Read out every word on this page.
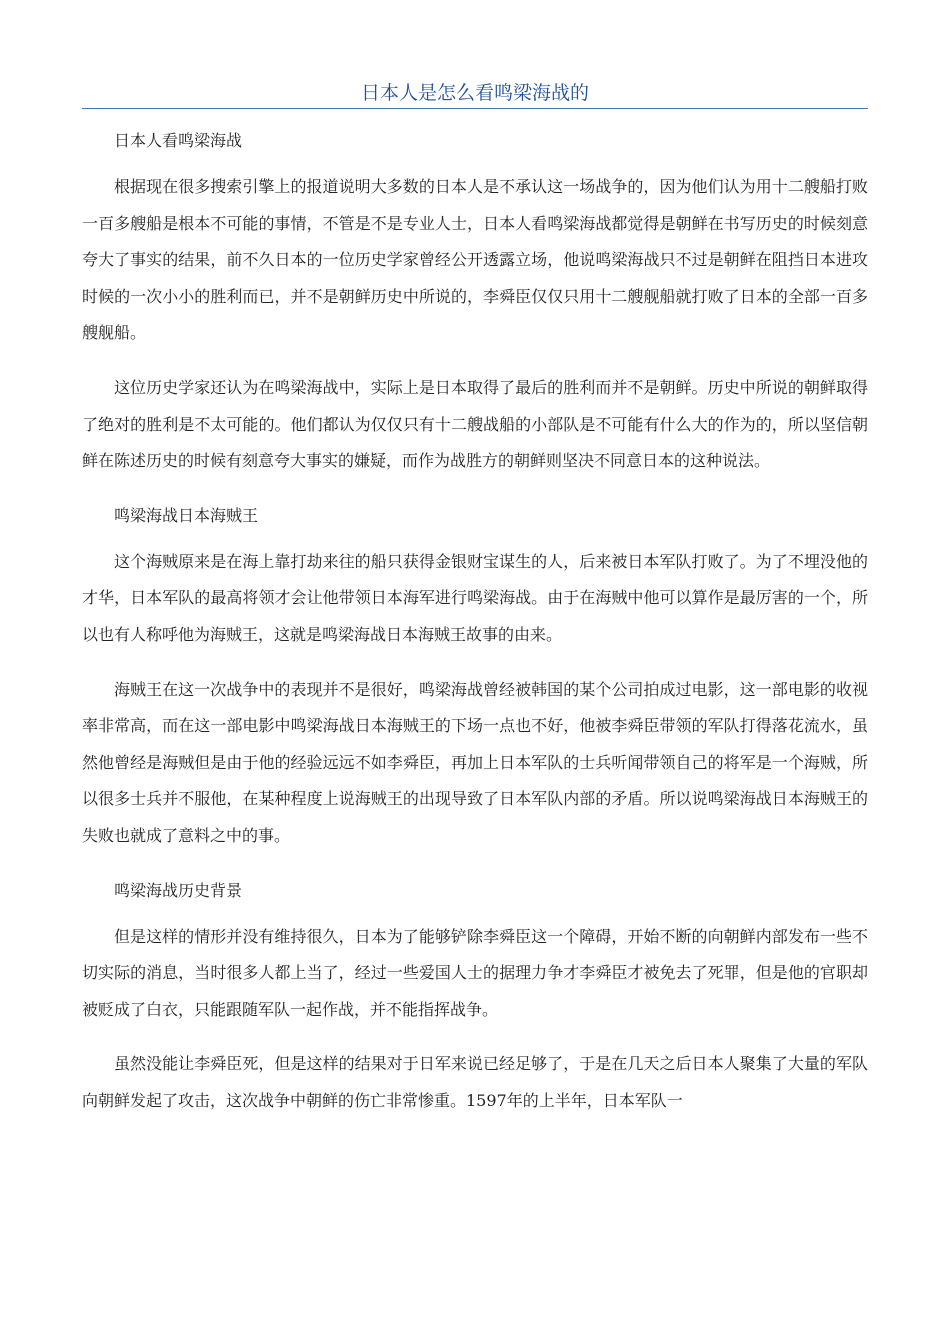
日本人是怎么看鸣梁海战的

日本人看鸣梁海战

根据现在很多搜索引擎上的报道说明大多数的日本人是不承认这一场战争的，因为他们认为用十二艘船打败一百多艘船是根本不可能的事情，不管是不是专业人士，日本人看鸣梁海战都觉得是朝鲜在书写历史的时候刻意夸大了事实的结果，前不久日本的一位历史学家曾经公开透露立场，他说鸣梁海战只不过是朝鲜在阻挡日本进攻时候的一次小小的胜利而已，并不是朝鲜历史中所说的，李舜臣仅仅只用十二艘舰船就打败了日本的全部一百多艘舰船。

这位历史学家还认为在鸣梁海战中，实际上是日本取得了最后的胜利而并不是朝鲜。历史中所说的朝鲜取得了绝对的胜利是不太可能的。他们都认为仅仅只有十二艘战船的小部队是不可能有什么大的作为的，所以坚信朝鲜在陈述历史的时候有刻意夸大事实的嫌疑，而作为战胜方的朝鲜则坚决不同意日本的这种说法。

鸣梁海战日本海贼王

这个海贼原来是在海上靠打劫来往的船只获得金银财宝谋生的人，后来被日本军队打败了。为了不埋没他的才华，日本军队的最高将领才会让他带领日本海军进行鸣梁海战。由于在海贼中他可以算作是最厉害的一个，所以也有人称呼他为海贼王，这就是鸣梁海战日本海贼王故事的由来。

海贼王在这一次战争中的表现并不是很好，鸣梁海战曾经被韩国的某个公司拍成过电影，这一部电影的收视率非常高，而在这一部电影中鸣梁海战日本海贼王的下场一点也不好，他被李舜臣带领的军队打得落花流水，虽然他曾经是海贼但是由于他的经验远远不如李舜臣，再加上日本军队的士兵听闻带领自己的将军是一个海贼，所以很多士兵并不服他，在某种程度上说海贼王的出现导致了日本军队内部的矛盾。所以说鸣梁海战日本海贼王的失败也就成了意料之中的事。

鸣梁海战历史背景

但是这样的情形并没有维持很久，日本为了能够铲除李舜臣这一个障碍，开始不断的向朝鲜内部发布一些不切实际的消息，当时很多人都上当了，经过一些爱国人士的据理力争才李舜臣才被免去了死罪，但是他的官职却被贬成了白衣，只能跟随军队一起作战，并不能指挥战争。

虽然没能让李舜臣死，但是这样的结果对于日军来说已经足够了，于是在几天之后日本人聚集了大量的军队向朝鲜发起了攻击，这次战争中朝鲜的伤亡非常惨重。1597年的上半年，日本军队一
